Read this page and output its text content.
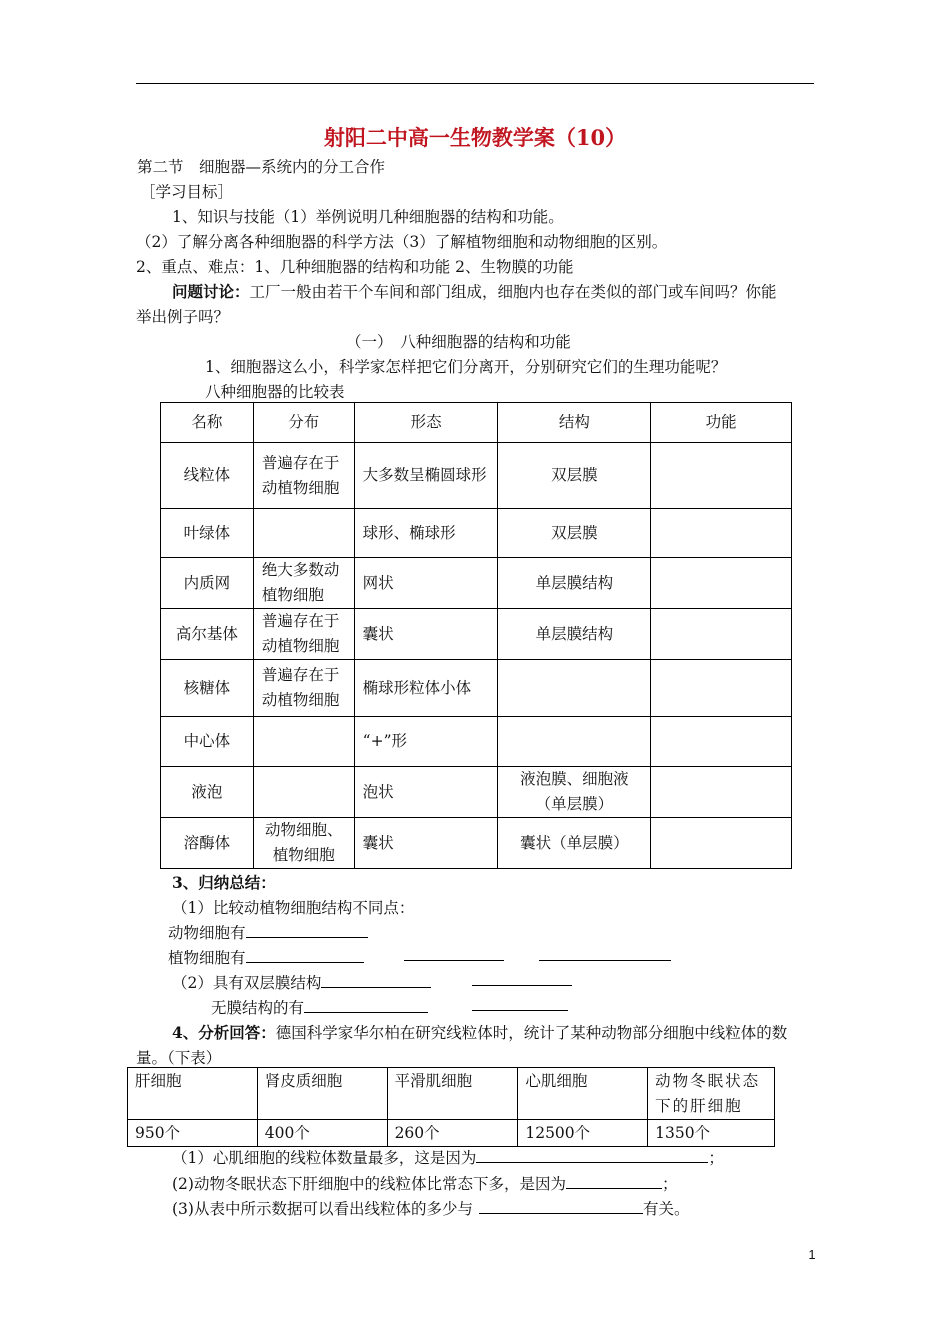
射阳二中高一生物教学案（10）
第二节　细胞器—系统内的分工合作
［学习目标］
1、知识与技能（1）举例说明几种细胞器的结构和功能。
（2）了解分离各种细胞器的科学方法（3）了解植物细胞和动物细胞的区别。
2、重点、难点：1、几种细胞器的结构和功能 2、生物膜的功能
问题讨论：工厂一般由若干个车间和部门组成，细胞内也存在类似的部门或车间吗？你能
举出例子吗？
（一）　八种细胞器的结构和功能
1、细胞器这么小，科学家怎样把它们分离开，分别研究它们的生理功能呢？
八种细胞器的比较表
名称	分布	形态	结构	功能
线粒体	普遍存在于动植物细胞	大多数呈椭圆球形	双层膜	
叶绿体		球形、椭球形	双层膜	
内质网	绝大多数动植物细胞	网状	单层膜结构	
高尔基体	普遍存在于动植物细胞	囊状	单层膜结构	
核糖体	普遍存在于动植物细胞	椭球形粒体小体		
中心体		“+”形		
液泡		泡状	液泡膜、细胞液（单层膜）	
溶酶体	动物细胞、植物细胞	囊状	囊状（单层膜）	
3、归纳总结：
（1）比较动植物细胞结构不同点：
动物细胞有
植物细胞有
（2）具有双层膜结构
无膜结构的有
4、分析回答：德国科学家华尔柏在研究线粒体时，统计了某种动物部分细胞中线粒体的数
量。（下表）
肝细胞	肾皮质细胞	平滑肌细胞	心肌细胞	动物冬眠状态下的肝细胞
950个	400个	260个	12500个	1350个
（1）心肌细胞的线粒体数量最多，这是因为	；
(2)动物冬眠状态下肝细胞中的线粒体比常态下多，是因为	；
(3)从表中所示数据可以看出线粒体的多少与	有关。
1
